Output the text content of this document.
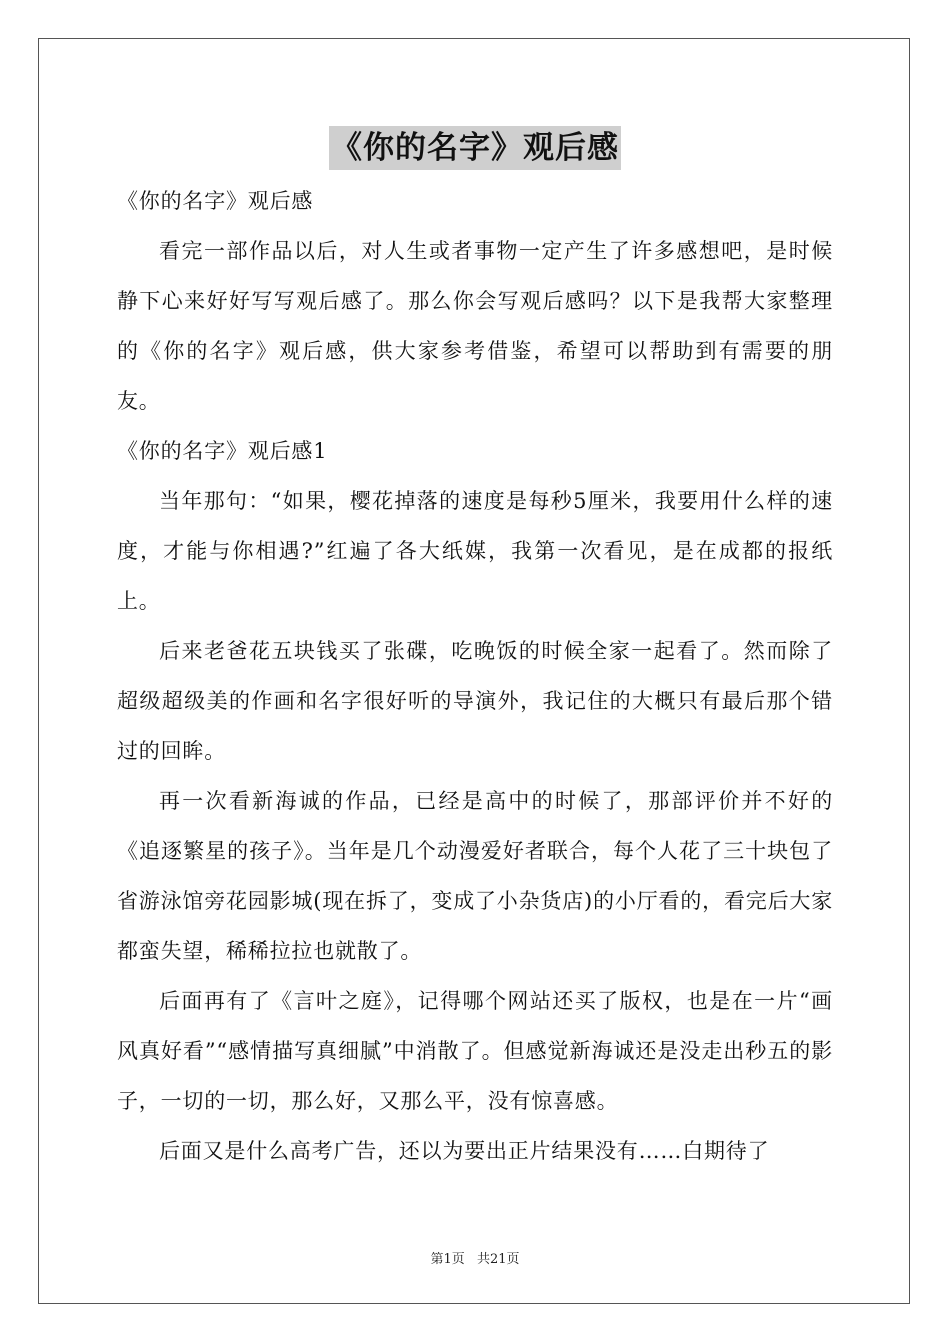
《你的名字》观后感

《你的名字》观后感

看完一部作品以后，对人生或者事物一定产生了许多感想吧，是时候静下心来好好写写观后感了。那么你会写观后感吗？以下是我帮大家整理的《你的名字》观后感，供大家参考借鉴，希望可以帮助到有需要的朋友。

《你的名字》观后感1

当年那句：“如果，樱花掉落的速度是每秒5厘米，我要用什么样的速度，才能与你相遇?”红遍了各大纸媒，我第一次看见，是在成都的报纸上。

后来老爸花五块钱买了张碟，吃晚饭的时候全家一起看了。然而除了超级超级美的作画和名字很好听的导演外，我记住的大概只有最后那个错过的回眸。

再一次看新海诚的作品，已经是高中的时候了，那部评价并不好的《追逐繁星的孩子》。当年是几个动漫爱好者联合，每个人花了三十块包了省游泳馆旁花园影城(现在拆了，变成了小杂货店)的小厅看的，看完后大家都蛮失望，稀稀拉拉也就散了。

后面再有了《言叶之庭》，记得哪个网站还买了版权，也是在一片“画风真好看”“感情描写真细腻”中消散了。但感觉新海诚还是没走出秒五的影子，一切的一切，那么好，又那么平，没有惊喜感。

后面又是什么高考广告，还以为要出正片结果没有……白期待了

第1页 共21页
